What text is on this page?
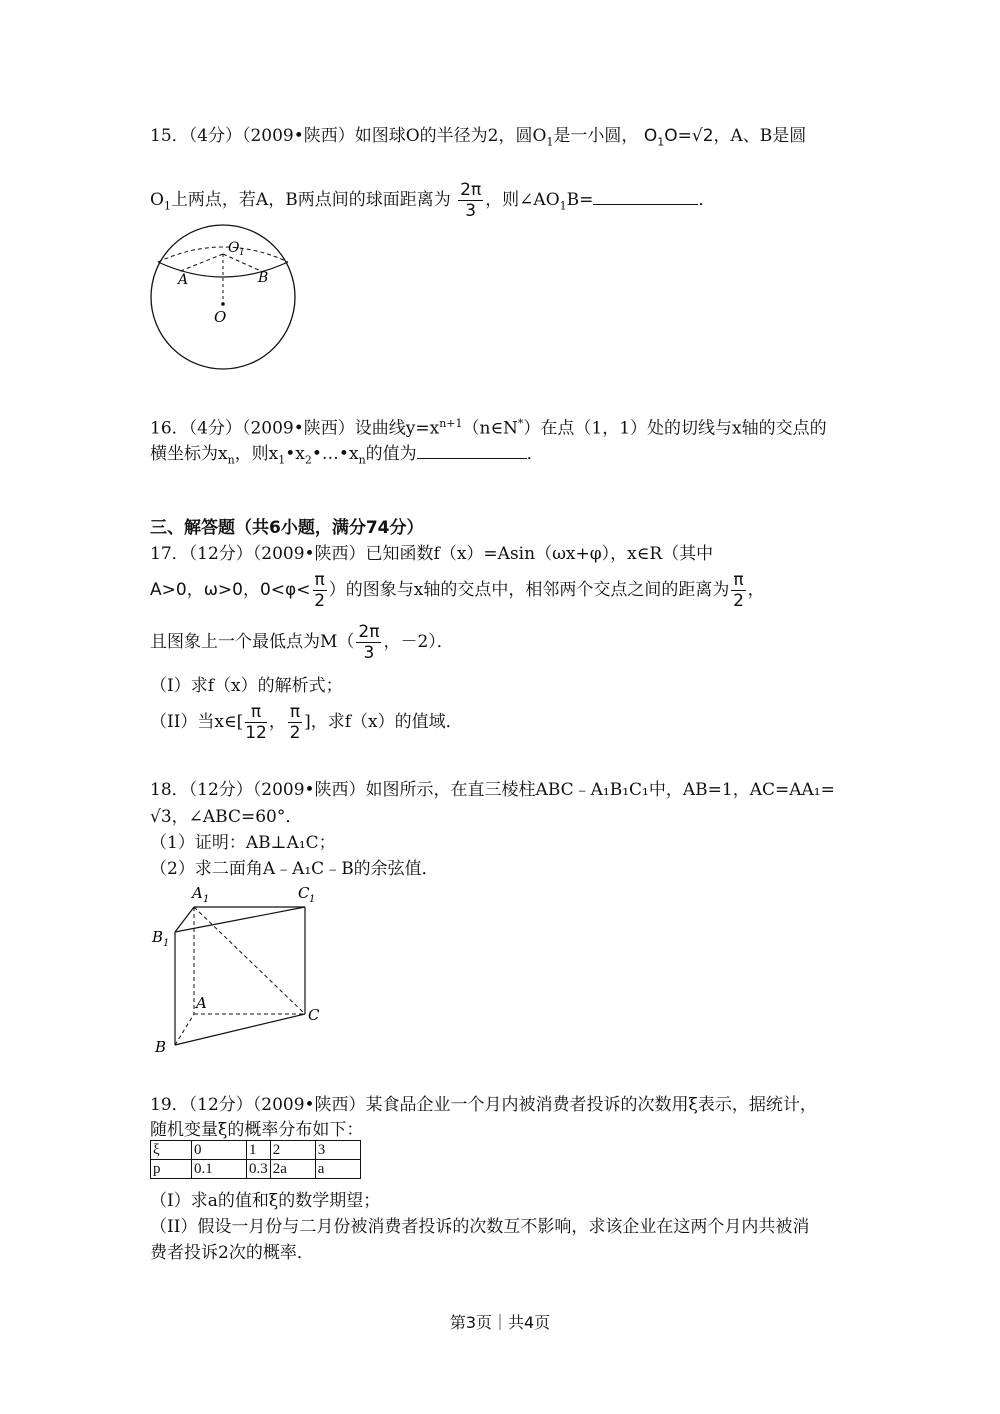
15．（4分）（2009•陕西）如图球O的半径为2，圆$O_1$是一小圆， $O_1O=√2$，A、B是圆
$O_1$上两点，若A，B两点间的球面距离为 $\frac{2\pi}{3}$ ，则$\angle AO_1B=$	．
O 1
A	B
O
16．（4分）（2009•陕西）设曲线$y=x^{n+1}(n\in N^*)$在点（1，1）处的切线与x轴的交点的
横坐标为$x_n$，则$x_1•x_2•\dots•x_n$的值为	．
三、解答题（共6小题，满分74分）
17．（12分）（2009•陕西）已知函数f（x）=Asin（ωx+φ），x∈R（其中
A>0，ω>0，$0<\varphi< \frac{\pi}{2}$ ）的图象与x轴的交点中，相邻两个交点之间的距离为 $\frac{\pi}{2}$ ，
且图象上一个最低点为$M( \frac{2\pi}{3}$ ，－2）．
（I）求f（x）的解析式；
（II）当x∈[ $\frac{\pi}{12}$ ， $\frac{\pi}{2}$ ]，求f（x）的值域．
18．（12分）（2009•陕西）如图所示，在直三棱柱ABC﹣A₁B₁C₁中，AB=1，AC=AA₁=
√3，∠ABC=60°．
（1）证明：AB⊥A₁C；
（2）求二面角A﹣A₁C﹣B的余弦值．
A 1	C 1
B 1
A
C
B
19．（12分）（2009•陕西）某食品企业一个月内被消费者投诉的次数用ξ表示，据统计，
随机变量ξ的概率分布如下：
ξ	0	1	2	3
p	0.1	0.3	2a	a
（I）求a的值和ξ的数学期望；
（II）假设一月份与二月份被消费者投诉的次数互不影响，求该企业在这两个月内共被消
费者投诉2次的概率．
第3页｜共4页
